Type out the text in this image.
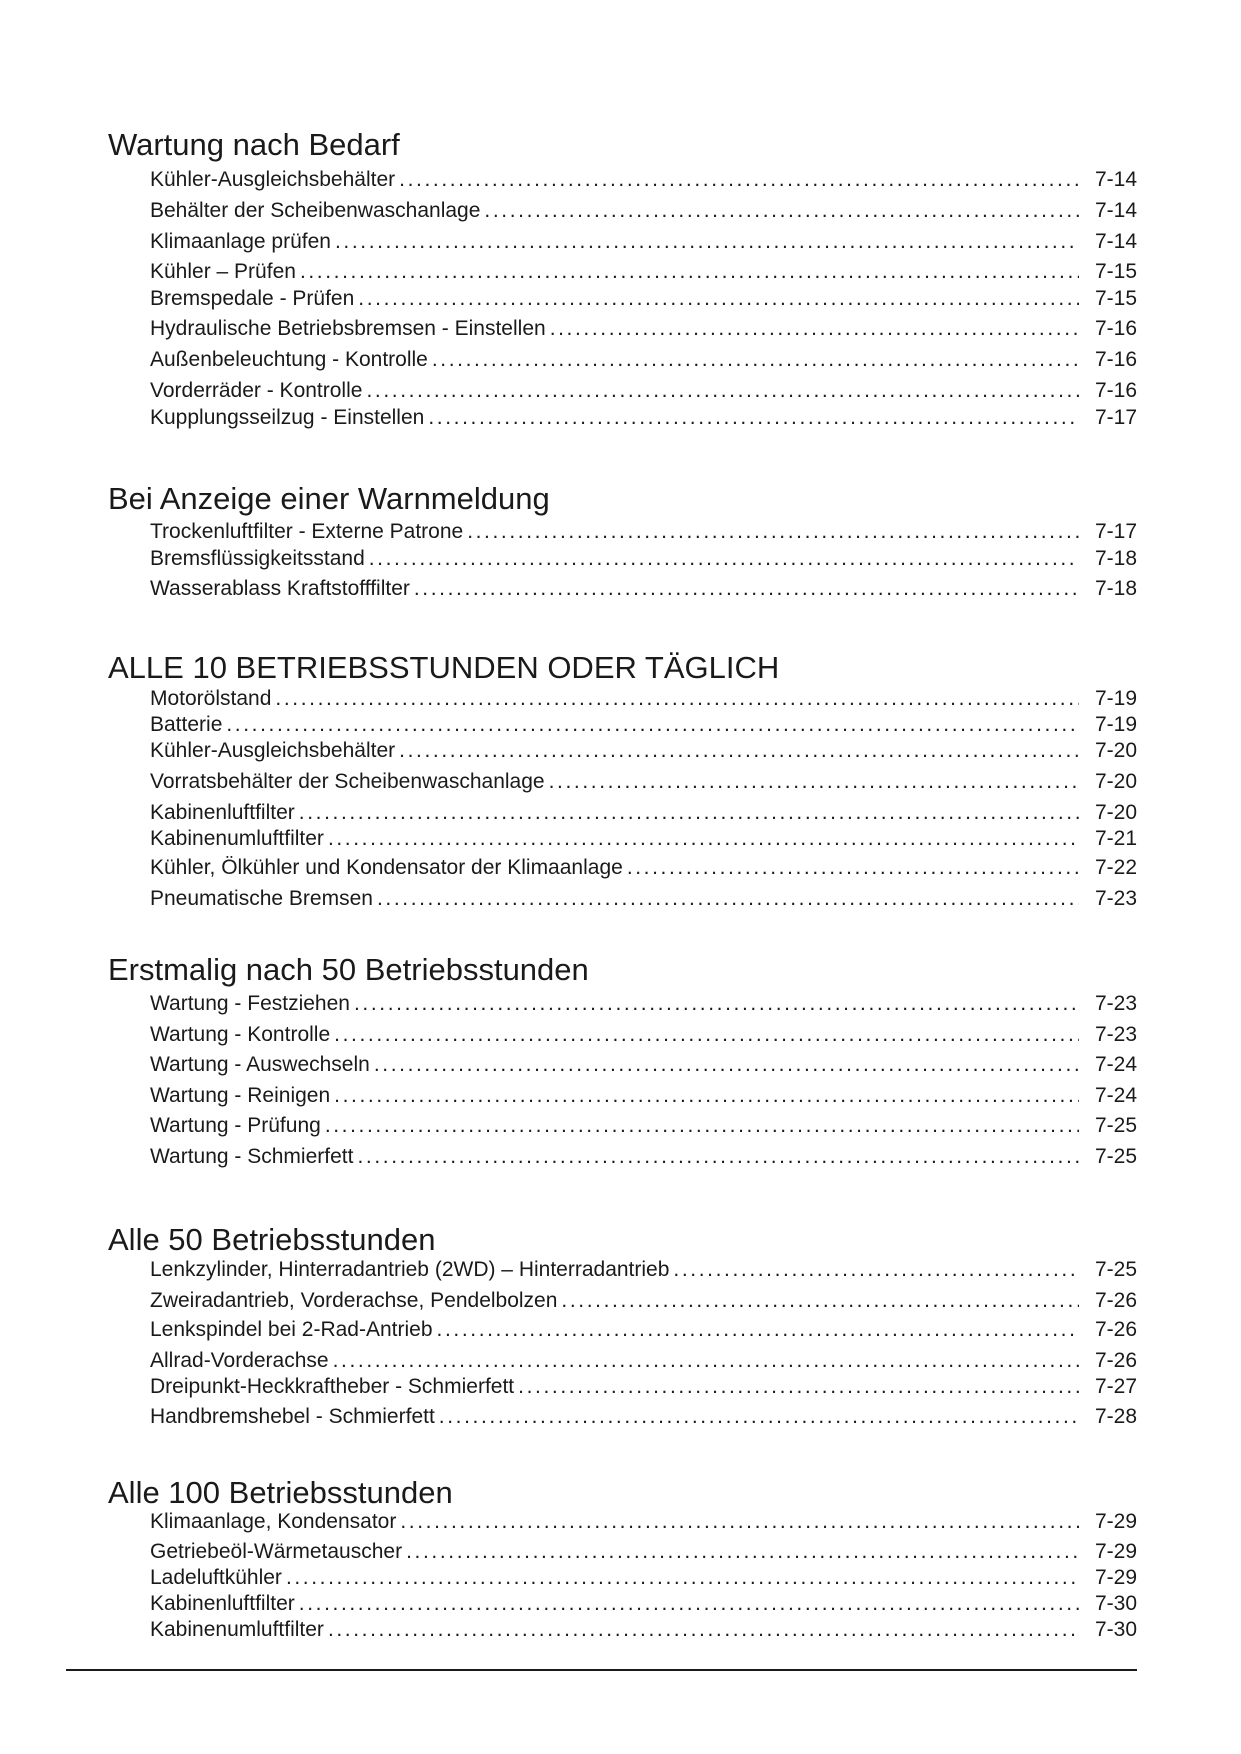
Wartung nach Bedarf
Kühler-Ausgleichsbehälter .....	7-14
Behälter der Scheibenwaschanlage .....	7-14
Klimaanlage prüfen .....	7-14
Kühler – Prüfen .....	7-15
Bremspedale - Prüfen .....	7-15
Hydraulische Betriebsbremsen - Einstellen .....	7-16
Außenbeleuchtung - Kontrolle .....	7-16
Vorderräder - Kontrolle .....	7-16
Kupplungsseilzug - Einstellen .....	7-17
Bei Anzeige einer Warnmeldung
Trockenluftfilter - Externe Patrone .....	7-17
Bremsflüssigkeitsstand .....	7-18
Wasserablass Kraftstofffilter .....	7-18
ALLE 10 BETRIEBSSTUNDEN ODER TÄGLICH
Motorölstand .....	7-19
Batterie .....	7-19
Kühler-Ausgleichsbehälter .....	7-20
Vorratsbehälter der Scheibenwaschanlage .....	7-20
Kabinenluftfilter .....	7-20
Kabinenumluftfilter .....	7-21
Kühler, Ölkühler und Kondensator der Klimaanlage .....	7-22
Pneumatische Bremsen .....	7-23
Erstmalig nach 50 Betriebsstunden
Wartung - Festziehen .....	7-23
Wartung - Kontrolle .....	7-23
Wartung - Auswechseln .....	7-24
Wartung - Reinigen .....	7-24
Wartung - Prüfung .....	7-25
Wartung - Schmierfett .....	7-25
Alle 50 Betriebsstunden
Lenkzylinder, Hinterradantrieb (2WD) – Hinterradantrieb .....	7-25
Zweiradantrieb, Vorderachse, Pendelbolzen .....	7-26
Lenkspindel bei 2-Rad-Antrieb .....	7-26
Allrad-Vorderachse .....	7-26
Dreipunkt-Heckkraftheber - Schmierfett .....	7-27
Handbremshebel - Schmierfett .....	7-28
Alle 100 Betriebsstunden
Klimaanlage, Kondensator .....	7-29
Getriebeöl-Wärmetauscher .....	7-29
Ladeluftkühler .....	7-29
Kabinenluftfilter .....	7-30
Kabinenumluftfilter .....	7-30
